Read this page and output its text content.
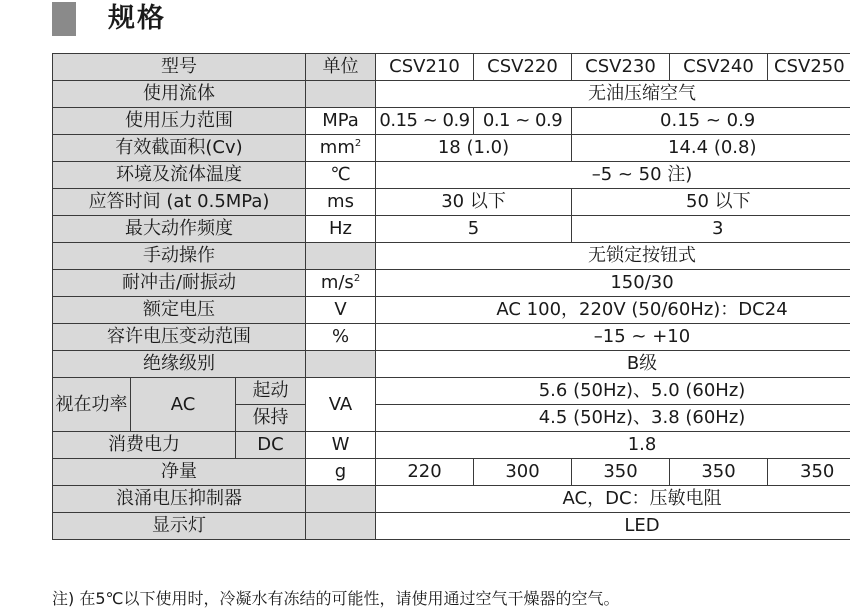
规格
型号			单位	CSV210	CSV220	CSV230	CSV240	CSV250
使用流体				无油压缩空气				
使用压力范围			MPa	0.15 ~ 0.9	0.1 ~ 0.9	0.15 ~ 0.9		
有效截面积(Cv)			$mm^2$	18 (1.0)		14.4 (0.8)		
环境及流体温度			℃	–5 ~ 50 注)				
应答时间 (at 0.5MPa)			ms	30 以下		50 以下		
最大动作频度			Hz	5		3		
手动操作				无锁定按钮式				
耐冲击/耐振动			$m/s^2$	150/30				
额定电压			V	AC 100，220V (50/60Hz)：DC24				
容许电压变动范围			%	–15 ~ +10				
绝缘级别				B级				
视在功率	AC	起动	VA	5.6 (50Hz)、5.0 (60Hz)				
		保持		4.5 (50Hz)、3.8 (60Hz)				
消费电力		DC	W	1.8				
净量			g	220	300	350	350	350
浪涌电压抑制器				AC，DC：压敏电阻				
显示灯				LED				
注) 在5℃以下使用时，冷凝水有冻结的可能性，请使用通过空气干燥器的空气。
